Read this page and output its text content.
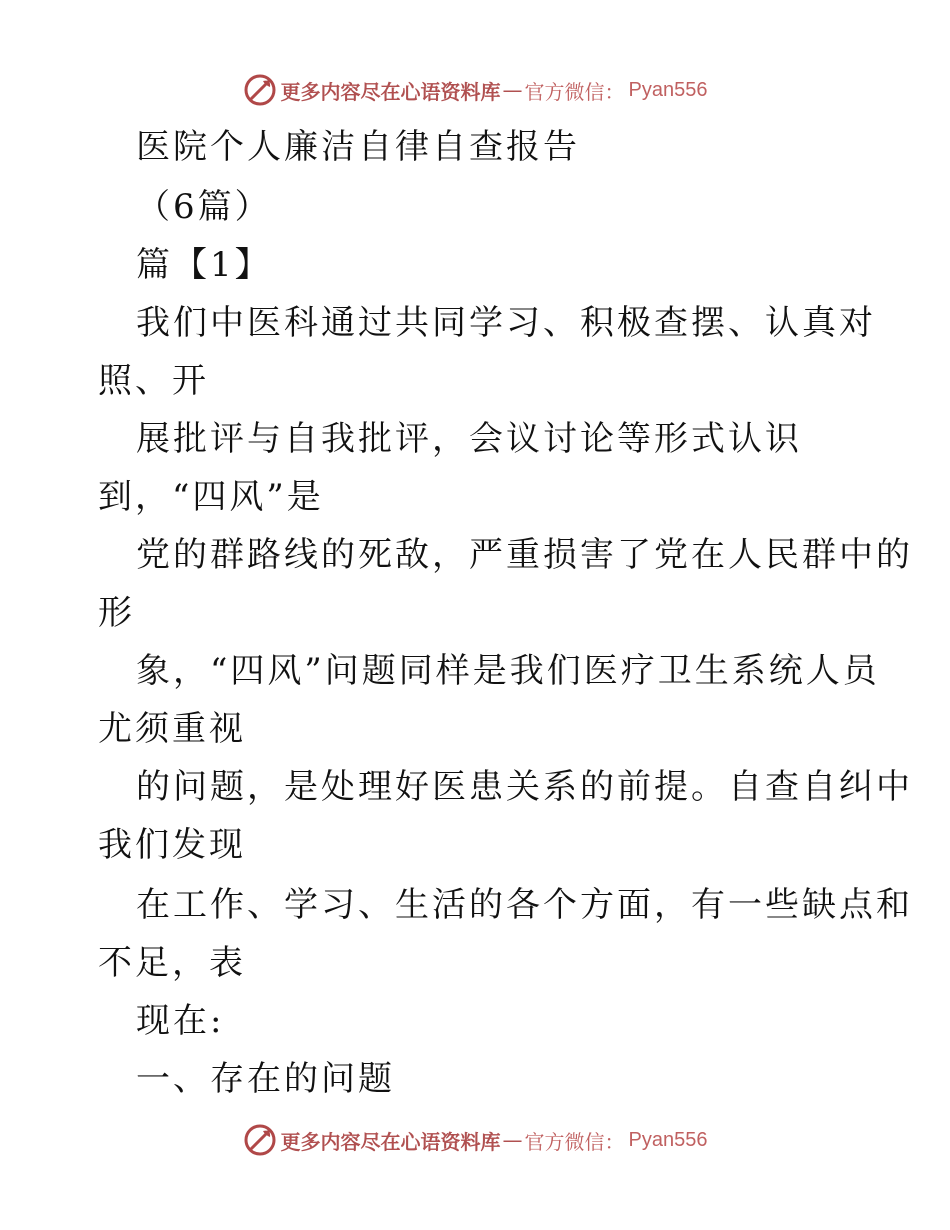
更多内容尽在心语资料库 — 官方微信： Pyan556
医院个人廉洁自律自查报告
（6篇）
篇【1】
我们中医科通过共同学习、积极查摆、认真对
照、开
展批评与自我批评，会议讨论等形式认识
到，“四风”是
党的群路线的死敌，严重损害了党在人民群中的
形
象，“四风”问题同样是我们医疗卫生系统人员
尤须重视
的问题，是处理好医患关系的前提。自查自纠中
我们发现
在工作、学习、生活的各个方面，有一些缺点和
不足，表
现在:
一、存在的问题
更多内容尽在心语资料库 — 官方微信： Pyan556
